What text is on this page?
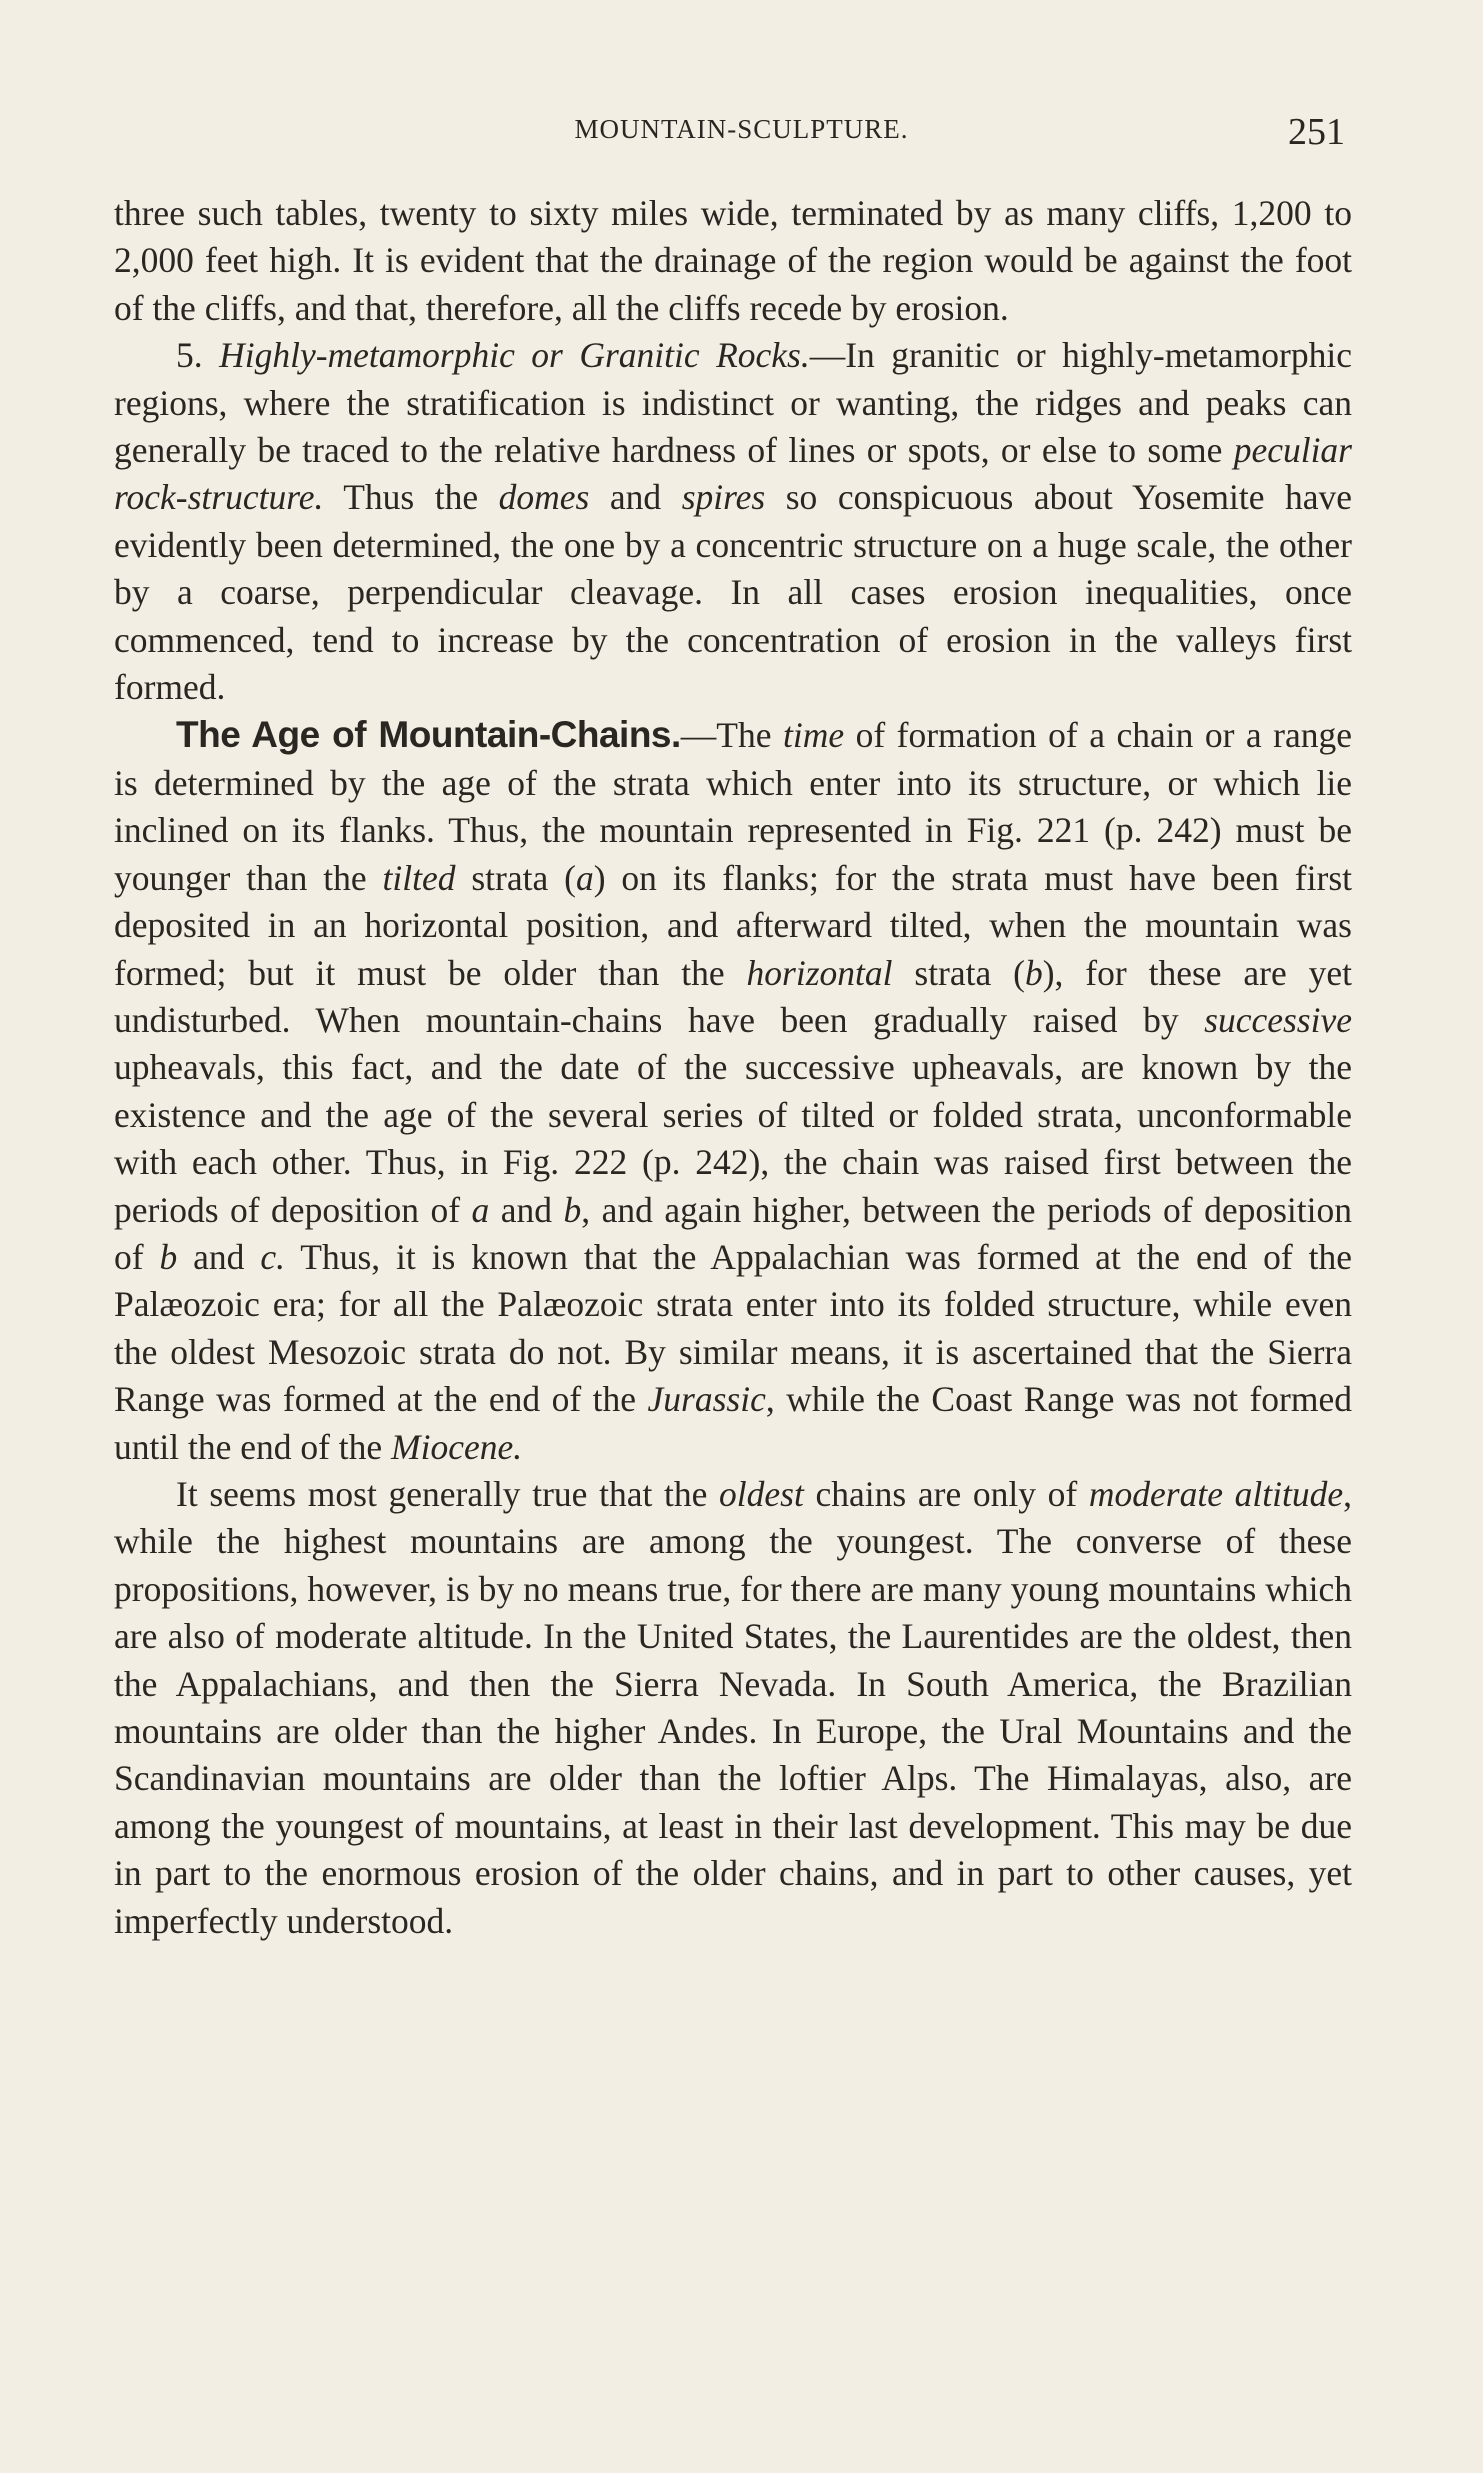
MOUNTAIN-SCULPTURE.	251

three such tables, twenty to sixty miles wide, terminated by as many cliffs, 1,200 to 2,000 feet high. It is evident that the drainage of the region would be against the foot of the cliffs, and that, therefore, all the cliffs recede by erosion.

5. Highly-metamorphic or Granitic Rocks.—In granitic or highly-metamorphic regions, where the stratification is indistinct or wanting, the ridges and peaks can generally be traced to the relative hardness of lines or spots, or else to some peculiar rock-structure. Thus the domes and spires so conspicuous about Yosemite have evidently been determined, the one by a concentric structure on a huge scale, the other by a coarse, perpendicular cleavage. In all cases erosion inequalities, once commenced, tend to increase by the concentration of erosion in the valleys first formed.

The Age of Mountain-Chains.—The time of formation of a chain or a range is determined by the age of the strata which enter into its structure, or which lie inclined on its flanks. Thus, the mountain represented in Fig. 221 (p. 242) must be younger than the tilted strata (a) on its flanks; for the strata must have been first deposited in an horizontal position, and afterward tilted, when the mountain was formed; but it must be older than the horizontal strata (b), for these are yet undisturbed. When mountain-chains have been gradually raised by successive upheavals, this fact, and the date of the successive upheavals, are known by the existence and the age of the several series of tilted or folded strata, unconformable with each other. Thus, in Fig. 222 (p. 242), the chain was raised first between the periods of deposition of a and b, and again higher, between the periods of deposition of b and c. Thus, it is known that the Appalachian was formed at the end of the Palæozoic era; for all the Palæozoic strata enter into its folded structure, while even the oldest Mesozoic strata do not. By similar means, it is ascertained that the Sierra Range was formed at the end of the Jurassic, while the Coast Range was not formed until the end of the Miocene.

It seems most generally true that the oldest chains are only of moderate altitude, while the highest mountains are among the youngest. The converse of these propositions, however, is by no means true, for there are many young mountains which are also of moderate altitude. In the United States, the Laurentides are the oldest, then the Appalachians, and then the Sierra Nevada. In South America, the Brazilian mountains are older than the higher Andes. In Europe, the Ural Mountains and the Scandinavian mountains are older than the loftier Alps. The Himalayas, also, are among the youngest of mountains, at least in their last development. This may be due in part to the enormous erosion of the older chains, and in part to other causes, yet imperfectly understood.
